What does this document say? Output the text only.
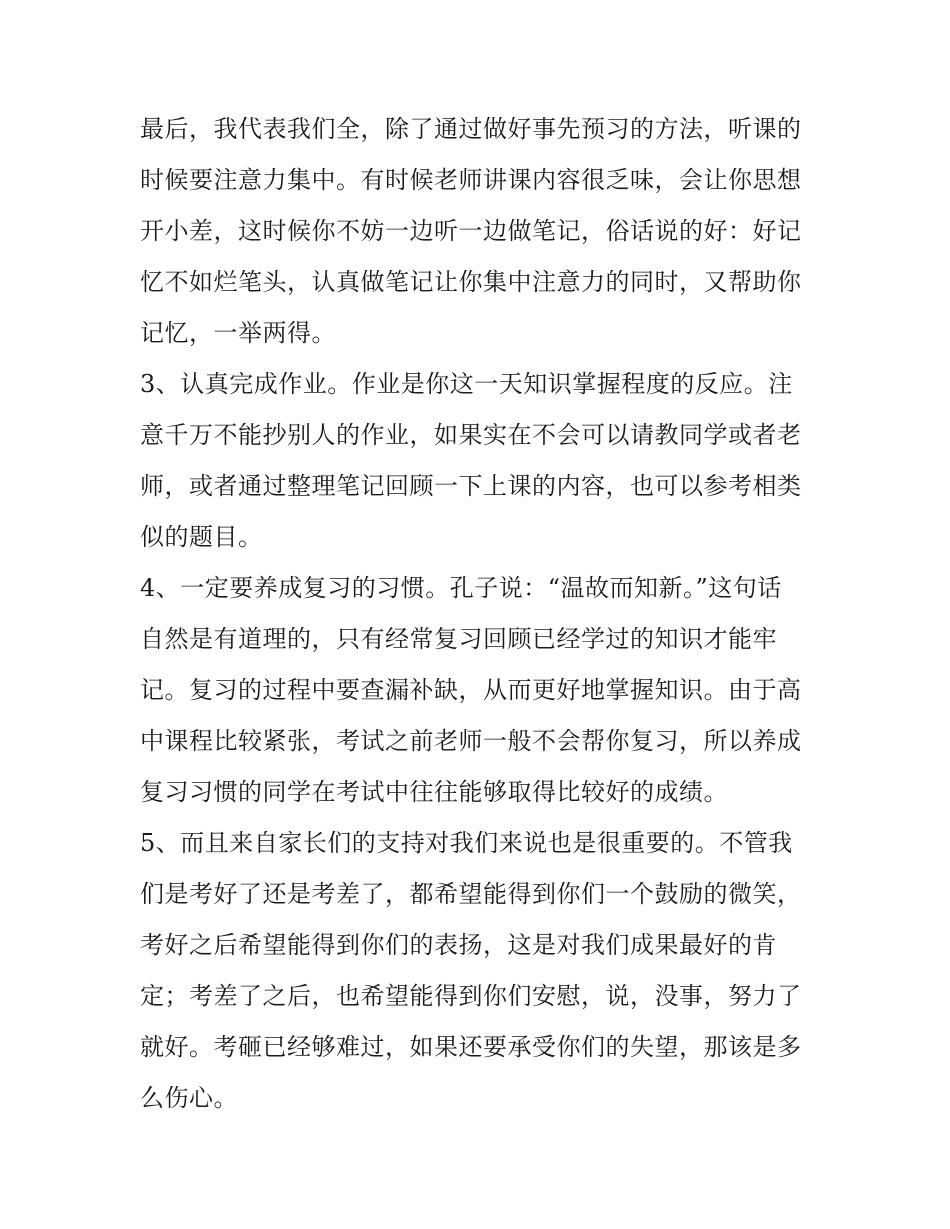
最后，我代表我们全，除了通过做好事先预习的方法，听课的
时候要注意力集中。有时候老师讲课内容很乏味，会让你思想
开小差，这时候你不妨一边听一边做笔记，俗话说的好：好记
忆不如烂笔头，认真做笔记让你集中注意力的同时，又帮助你
记忆，一举两得。
3、认真完成作业。作业是你这一天知识掌握程度的反应。注
意千万不能抄别人的作业，如果实在不会可以请教同学或者老
师，或者通过整理笔记回顾一下上课的内容，也可以参考相类
似的题目。
4、一定要养成复习的习惯。孔子说：“温故而知新。”这句话
自然是有道理的，只有经常复习回顾已经学过的知识才能牢
记。复习的过程中要查漏补缺，从而更好地掌握知识。由于高
中课程比较紧张，考试之前老师一般不会帮你复习，所以养成
复习习惯的同学在考试中往往能够取得比较好的成绩。
5、而且来自家长们的支持对我们来说也是很重要的。不管我
们是考好了还是考差了，都希望能得到你们一个鼓励的微笑，
考好之后希望能得到你们的表扬，这是对我们成果最好的肯
定；考差了之后，也希望能得到你们安慰，说，没事，努力了
就好。考砸已经够难过，如果还要承受你们的失望，那该是多
么伤心。
